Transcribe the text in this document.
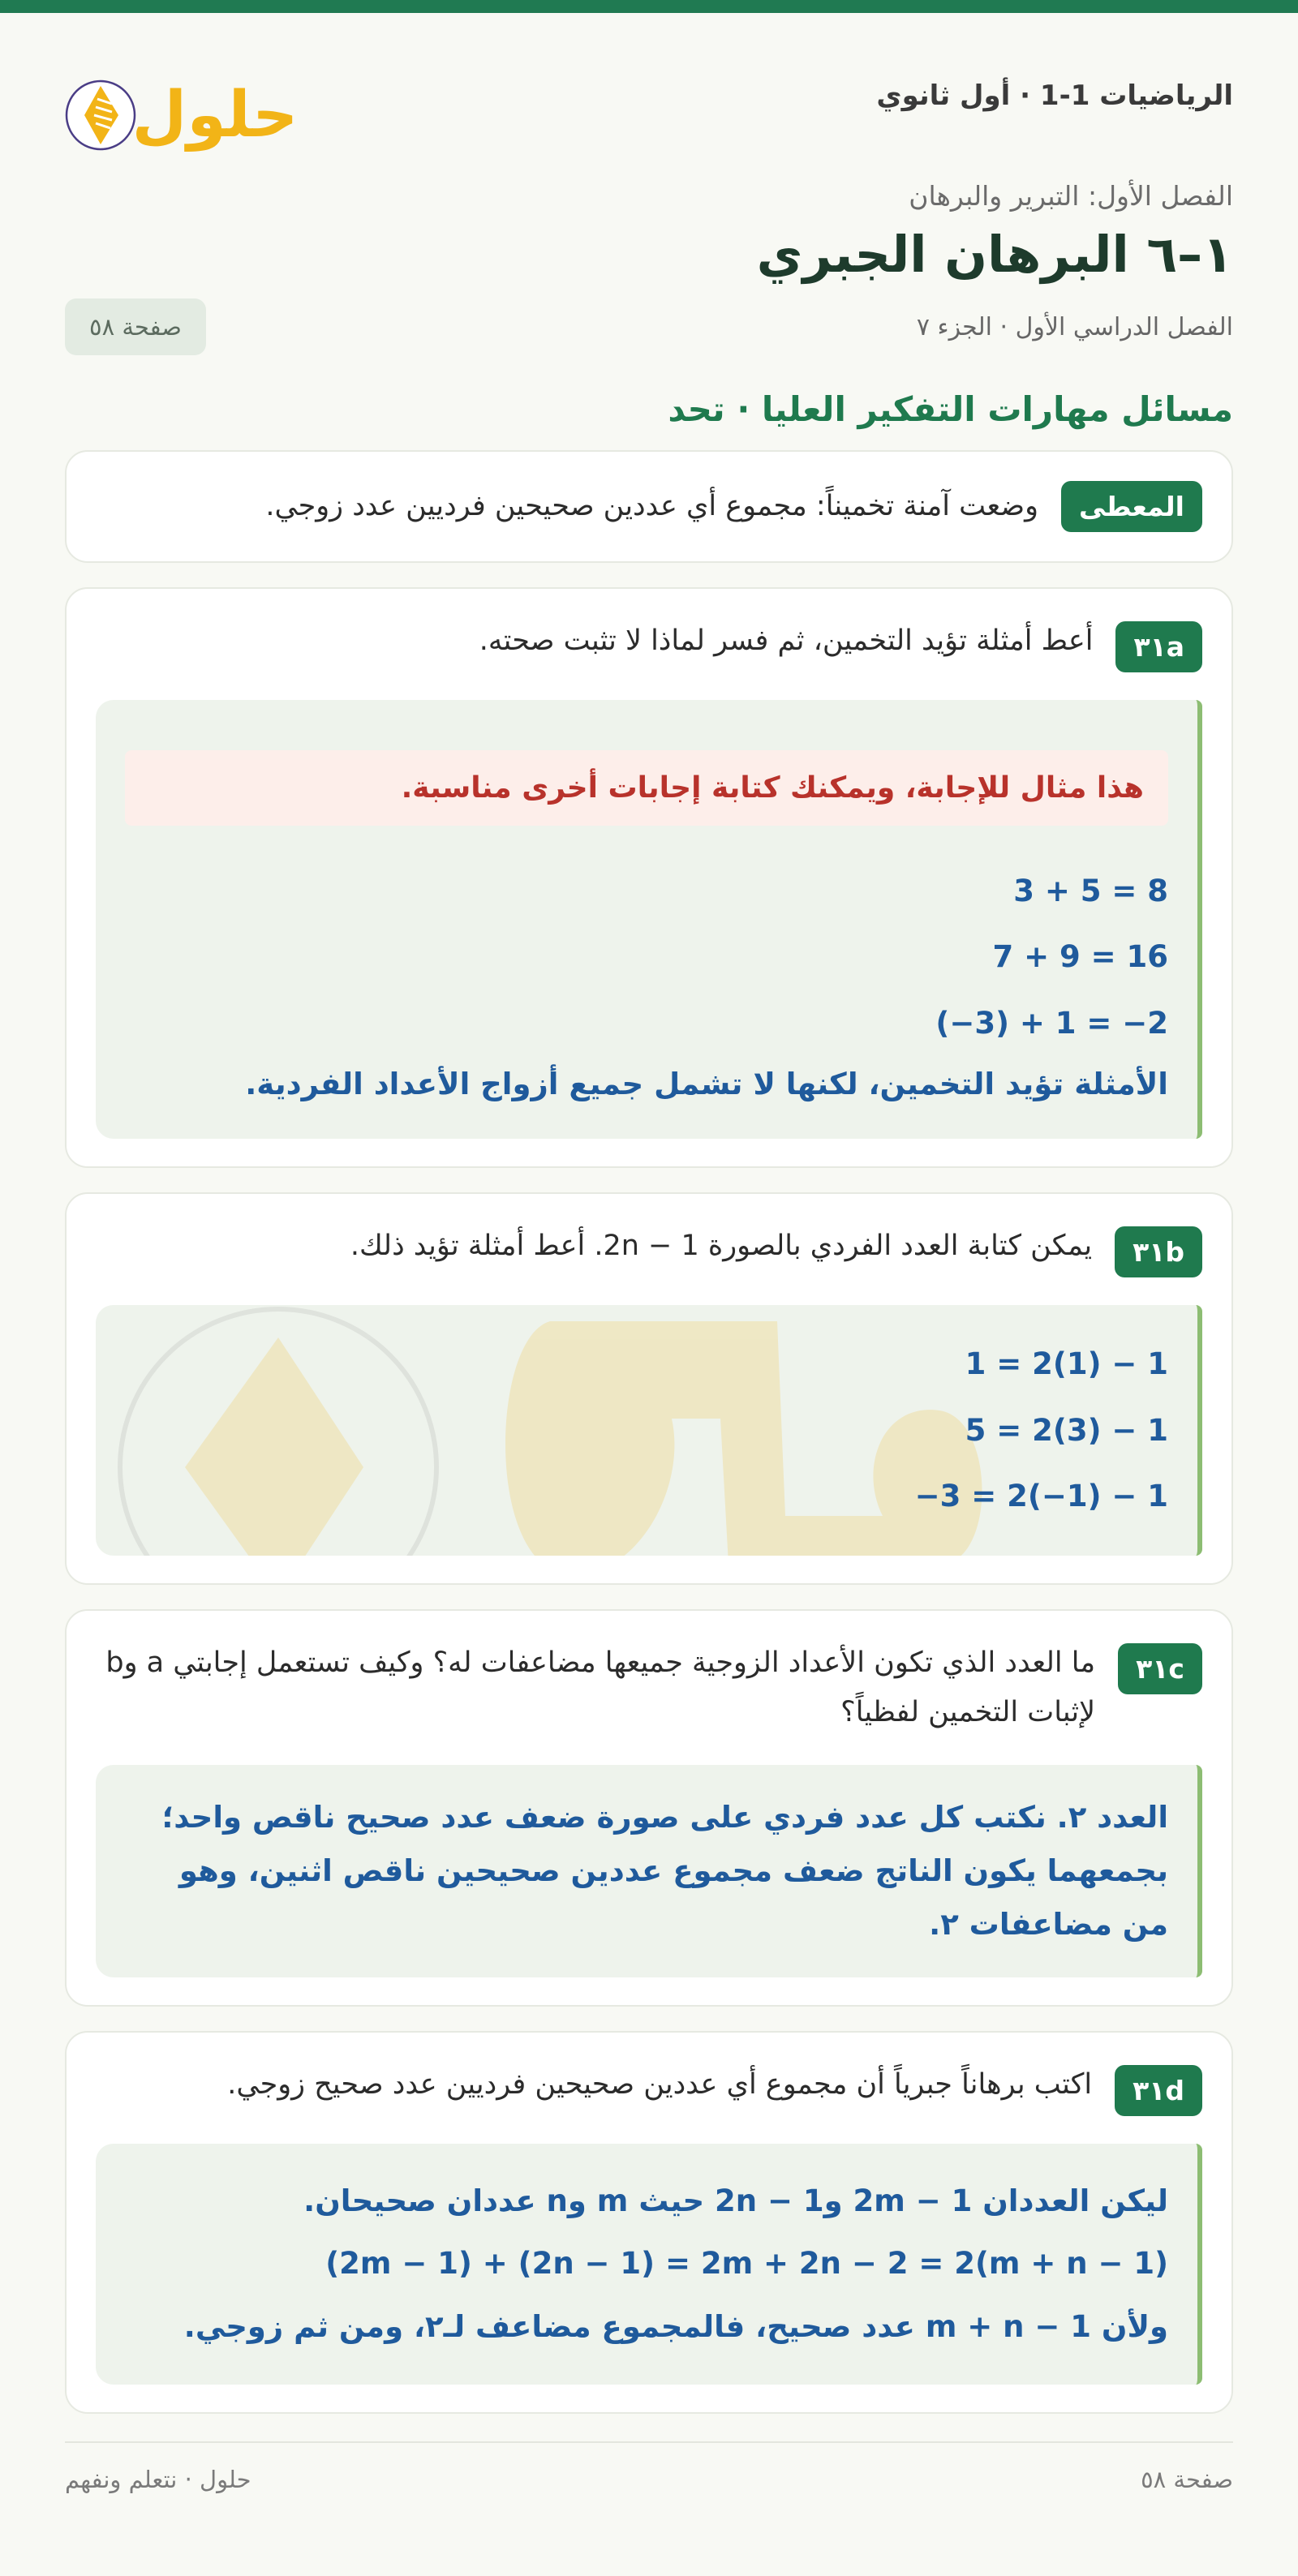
الرياضيات 1-1 · أول ثانوي
حلول
الفصل الأول: التبرير والبرهان
١–٦ البرهان الجبري
الفصل الدراسي الأول · الجزء ٧
صفحة ٥٨
مسائل مهارات التفكير العليا · تحد
المعطى
وضعت آمنة تخميناً: مجموع أي عددين صحيحين فرديين عدد زوجي.
٣١a
أعط أمثلة تؤيد التخمين، ثم فسر لماذا لا تثبت صحته.
هذا مثال للإجابة، ويمكنك كتابة إجابات أخرى مناسبة.
3 + 5 = 8
7 + 9 = 16
(−3) + 1 = −2
الأمثلة تؤيد التخمين، لكنها لا تشمل جميع أزواج الأعداد الفردية.
٣١b
يمكن كتابة العدد الفردي بالصورة 2n − 1. أعط أمثلة تؤيد ذلك.
1 = 2(1) − 1
5 = 2(3) − 1
−3 = 2(−1) − 1
٣١c
ما العدد الذي تكون الأعداد الزوجية جميعها مضاعفات له؟ وكيف تستعمل إجابتي a وb لإثبات التخمين لفظياً؟
العدد ٢. نكتب كل عدد فردي على صورة ضعف عدد صحيح ناقص واحد؛ بجمعهما يكون الناتج ضعف مجموع عددين صحيحين ناقص اثنين، وهو من مضاعفات ٢.
٣١d
اكتب برهاناً جبرياً أن مجموع أي عددين صحيحين فرديين عدد صحيح زوجي.
ليكن العددان 2m − 1 و2n − 1 حيث m وn عددان صحيحان.
(2m − 1) + (2n − 1) = 2m + 2n − 2 = 2(m + n − 1)
ولأن m + n − 1 عدد صحيح، فالمجموع مضاعف لـ٢، ومن ثم زوجي.
صفحة ٥٨
حلول · نتعلم ونفهم
